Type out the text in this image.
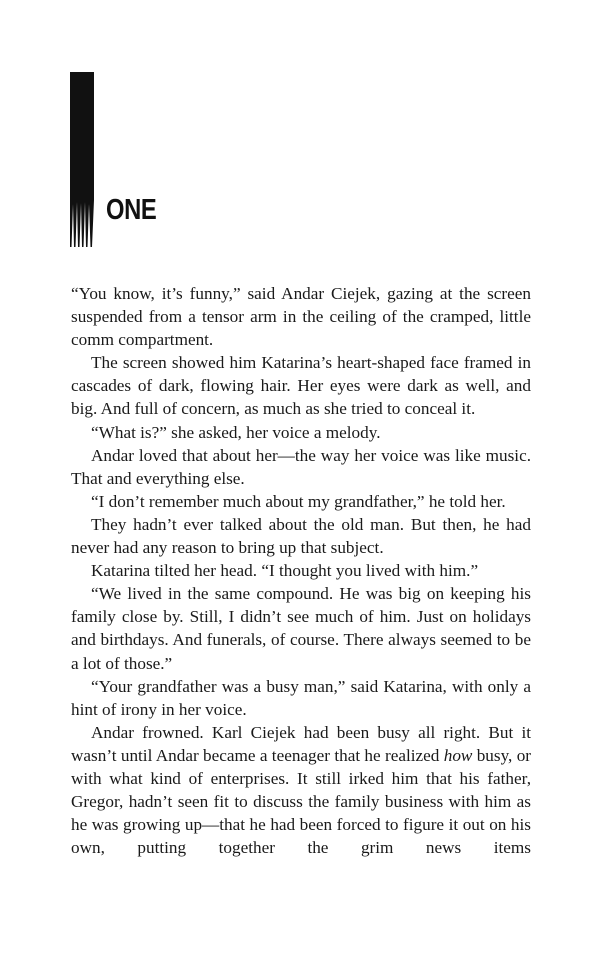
ONE

“You know, it’s funny,” said Andar Ciejek, gazing at the screen suspended from a tensor arm in the ceiling of the cramped, little comm compartment.

The screen showed him Katarina’s heart-shaped face framed in cascades of dark, flowing hair. Her eyes were dark as well, and big. And full of concern, as much as she tried to conceal it.

“What is?” she asked, her voice a melody.

Andar loved that about her—the way her voice was like music. That and everything else.

“I don’t remember much about my grandfather,” he told her.

They hadn’t ever talked about the old man. But then, he had never had any reason to bring up that subject.

Katarina tilted her head. “I thought you lived with him.”

“We lived in the same compound. He was big on keeping his family close by. Still, I didn’t see much of him. Just on holidays and birthdays. And funerals, of course. There always seemed to be a lot of those.”

“Your grandfather was a busy man,” said Katarina, with only a hint of irony in her voice.

Andar frowned. Karl Ciejek had been busy all right. But it wasn’t until Andar became a teenager that he realized how busy, or with what kind of enterprises. It still irked him that his father, Gregor, hadn’t seen fit to discuss the family business with him as he was growing up—that he had been forced to figure it out on his own, putting together the grim news items
